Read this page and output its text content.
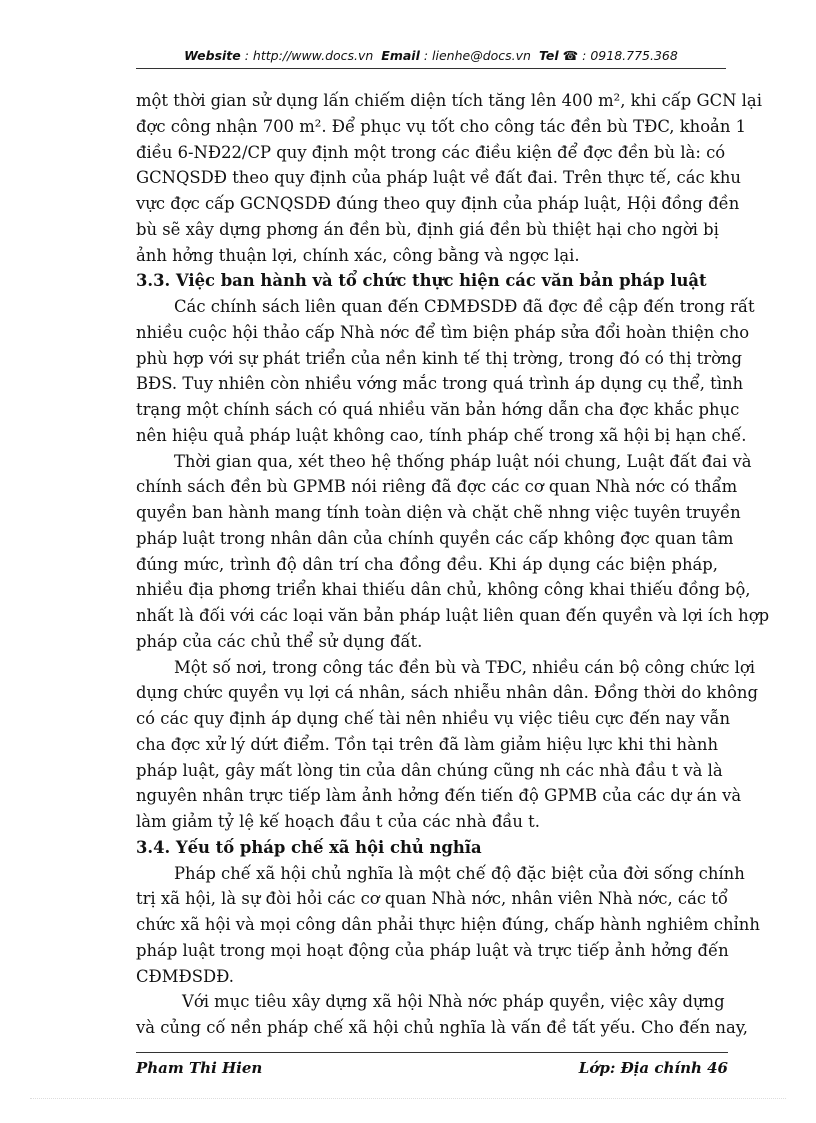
Website : http://www.docs.vn Email : lienhe@docs.vn Tel ☎ : 0918.775.368
một thời gian sử dụng lấn chiếm diện tích tăng lên 400 m², khi cấp GCN lại
đợc công nhận 700 m². Để phục vụ tốt cho công tác đền bù TĐC, khoản 1
điều 6-NĐ22/CP quy định một trong các điều kiện để đợc đền bù là: có
GCNQSDĐ theo quy định của pháp luật về đất đai. Trên thực tế, các khu
vực đợc cấp GCNQSDĐ đúng theo quy định của pháp luật, Hội đồng đền
bù sẽ xây dựng phơng án đền bù, định giá đền bù thiệt hại cho ngời bị
ảnh hởng thuận lợi, chính xác, công bằng và ngợc lại.
3.3. Việc ban hành và tổ chức thực hiện các văn bản pháp luật
Các chính sách liên quan đến CĐMĐSDĐ đã đợc đề cập đến trong rất
nhiều cuộc hội thảo cấp Nhà nớc để tìm biện pháp sửa đổi hoàn thiện cho
phù hợp với sự phát triển của nền kinh tế thị trờng, trong đó có thị trờng
BĐS. Tuy nhiên còn nhiều vớng mắc trong quá trình áp dụng cụ thể, tình
trạng một chính sách có quá nhiều văn bản hớng dẫn cha đợc khắc phục
nên hiệu quả pháp luật không cao, tính pháp chế trong xã hội bị hạn chế.
Thời gian qua, xét theo hệ thống pháp luật nói chung, Luật đất đai và
chính sách đền bù GPMB nói riêng đã đợc các cơ quan Nhà nớc có thẩm
quyền ban hành mang tính toàn diện và chặt chẽ nhng việc tuyên truyền
pháp luật trong nhân dân của chính quyền các cấp không đợc quan tâm
đúng mức, trình độ dân trí cha đồng đều. Khi áp dụng các biện pháp,
nhiều địa phơng triển khai thiếu dân chủ, không công khai thiếu đồng bộ,
nhất là đối với các loại văn bản pháp luật liên quan đến quyền và lợi ích hợp
pháp của các chủ thể sử dụng đất.
Một số nơi, trong công tác đền bù và TĐC, nhiều cán bộ công chức lợi
dụng chức quyền vụ lợi cá nhân, sách nhiễu nhân dân. Đồng thời do không
có các quy định áp dụng chế tài nên nhiều vụ việc tiêu cực đến nay vẫn
cha đợc xử lý dứt điểm. Tồn tại trên đã làm giảm hiệu lực khi thi hành
pháp luật, gây mất lòng tin của dân chúng cũng nh các nhà đầu t và là
nguyên nhân trực tiếp làm ảnh hởng đến tiến độ GPMB của các dự án và
làm giảm tỷ lệ kế hoạch đầu t của các nhà đầu t.
3.4. Yếu tố pháp chế xã hội chủ nghĩa
Pháp chế xã hội chủ nghĩa là một chế độ đặc biệt của đời sống chính
trị xã hội, là sự đòi hỏi các cơ quan Nhà nớc, nhân viên Nhà nớc, các tổ
chức xã hội và mọi công dân phải thực hiện đúng, chấp hành nghiêm chỉnh
pháp luật trong mọi hoạt động của pháp luật và trực tiếp ảnh hởng đến
CĐMĐSDĐ.
Với mục tiêu xây dựng xã hội Nhà nớc pháp quyền, việc xây dựng
và củng cố nền pháp chế xã hội chủ nghĩa là vấn đề tất yếu. Cho đến nay,
Pham Thi Hien	Lớp: Địa chính 46
